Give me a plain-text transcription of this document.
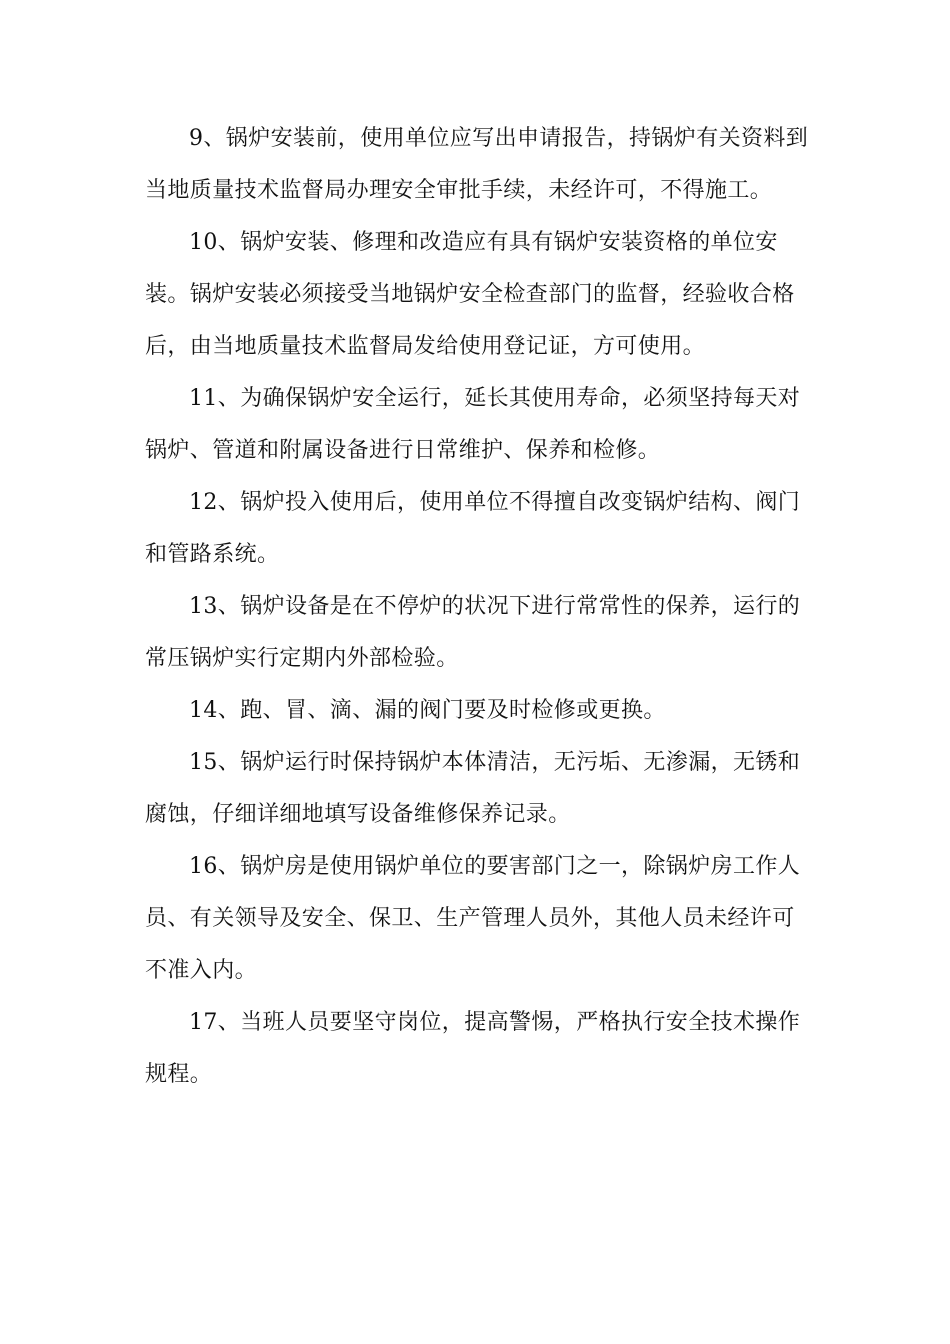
9、锅炉安装前，使用单位应写出申请报告，持锅炉有关资料到
当地质量技术监督局办理安全审批手续，未经许可，不得施工。
10、锅炉安装、修理和改造应有具有锅炉安装资格的单位安
装。锅炉安装必须接受当地锅炉安全检查部门的监督，经验收合格
后，由当地质量技术监督局发给使用登记证，方可使用。
11、为确保锅炉安全运行，延长其使用寿命，必须坚持每天对
锅炉、管道和附属设备进行日常维护、保养和检修。
12、锅炉投入使用后，使用单位不得擅自改变锅炉结构、阀门
和管路系统。
13、锅炉设备是在不停炉的状况下进行常常性的保养，运行的
常压锅炉实行定期内外部检验。
14、跑、冒、滴、漏的阀门要及时检修或更换。
15、锅炉运行时保持锅炉本体清洁，无污垢、无渗漏，无锈和
腐蚀，仔细详细地填写设备维修保养记录。
16、锅炉房是使用锅炉单位的要害部门之一，除锅炉房工作人
员、有关领导及安全、保卫、生产管理人员外，其他人员未经许可
不准入内。
17、当班人员要坚守岗位，提高警惕，严格执行安全技术操作
规程。
